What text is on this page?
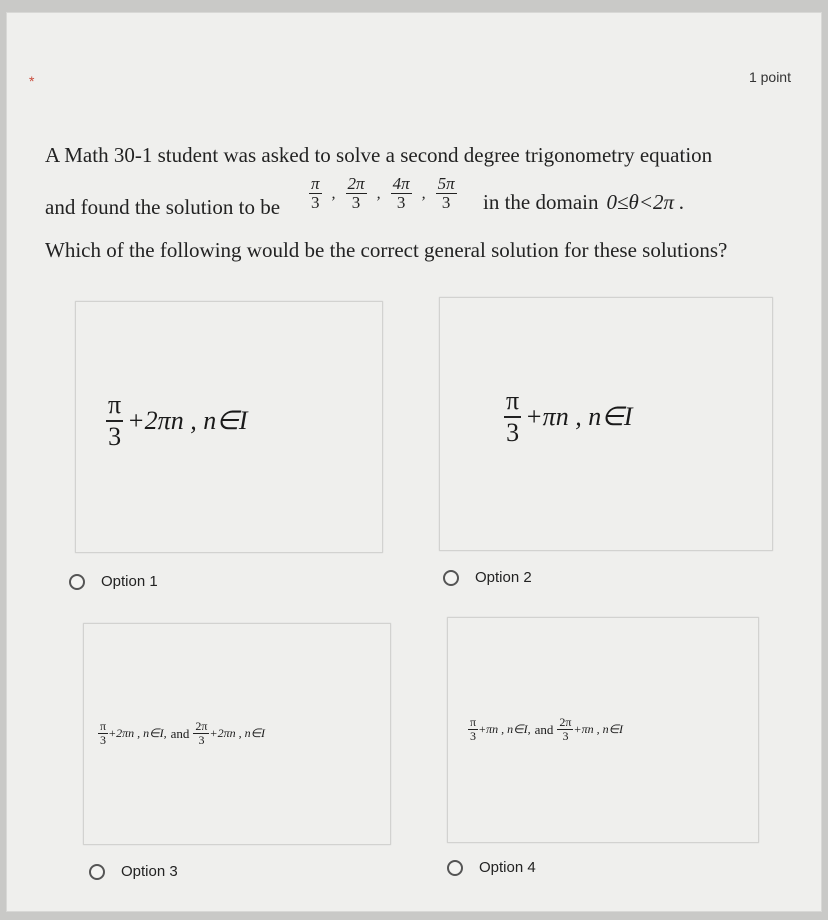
*	1 point
A Math 30-1 student was asked to solve a second degree trigonometry equation
and found the solution to be $\frac{\pi}{3}$ , $\frac{2\pi}{3}$ , $\frac{4\pi}{3}$ , $\frac{5\pi}{3}$ in the domain 0≤θ<2π .
Which of the following would be the correct general solution for these solutions?
$\frac{\pi}{3} +2\pi n$ , n∈I
Option 1
$\frac{\pi}{3} +\pi n$ , n∈I
Option 2
$\frac{\pi}{3} +2\pi n$ , n∈I, and $\frac{2\pi}{3} +2\pi n$ , n∈I
Option 3
$\frac{\pi}{3} +\pi n$ , n∈I, and $\frac{2\pi}{3} +\pi n$ , n∈I
Option 4
